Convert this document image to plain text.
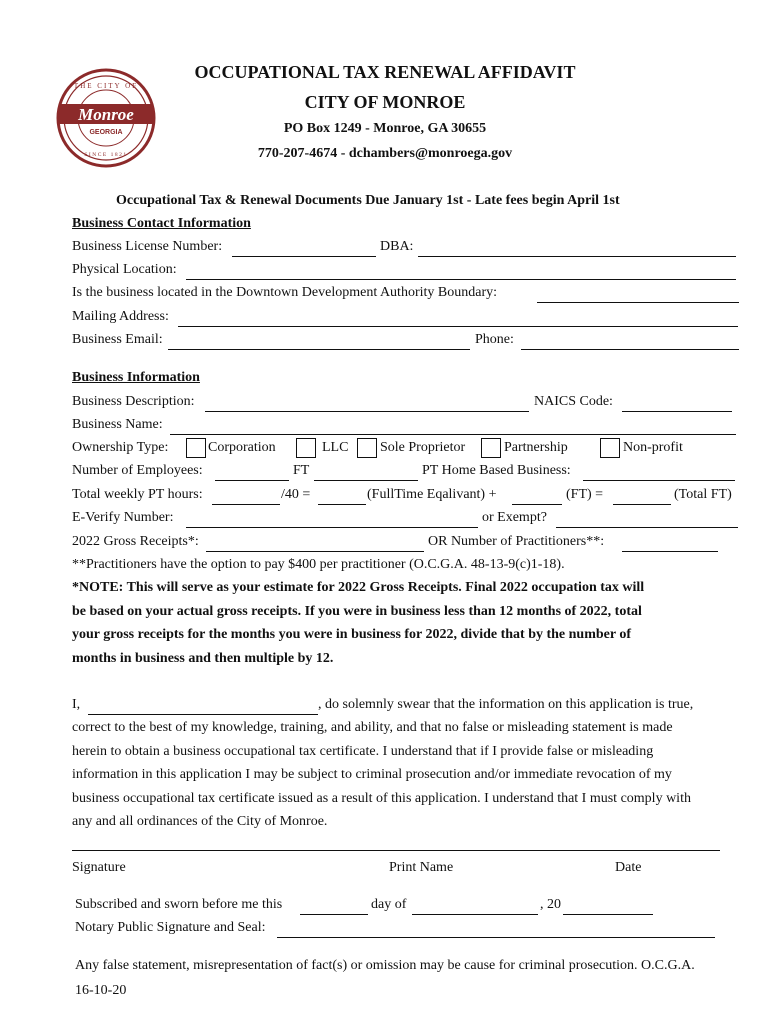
THE CITY OF
Monroe
GEORGIA
SINCE 1821
OCCUPATIONAL TAX RENEWAL AFFIDAVIT
CITY OF MONROE
PO Box 1249 - Monroe, GA 30655
770-207-4674 - dchambers@monroega.gov
Occupational Tax & Renewal Documents Due January 1st - Late fees begin April 1st
Business Contact Information
Business License Number:	DBA:
Physical Location:
Is the business located in the Downtown Development Authority Boundary:
Mailing Address:
Business Email:	Phone:
Business Information
Business Description:	NAICS Code:
Business Name:
Ownership Type:	Corporation	LLC Sole Proprietor	Partnership	Non-profit
Number of Employees:	FT	PT Home Based Business:
Total weekly PT hours:	/40 =	(FullTime Eqalivant) +	(FT) =	(Total FT)
E-Verify Number:	or Exempt?
2022 Gross Receipts*:	OR Number of Practitioners**:
**Practitioners have the option to pay $400 per practitioner (O.C.G.A. 48-13-9(c)1-18).
*NOTE: This will serve as your estimate for 2022 Gross Receipts. Final 2022 occupation tax will
be based on your actual gross receipts. If you were in business less than 12 months of 2022, total
your gross receipts for the months you were in business for 2022, divide that by the number of
months in business and then multiple by 12.
I,	, do solemnly swear that the information on this application is true,
correct to the best of my knowledge, training, and ability, and that no false or misleading statement is made
herein to obtain a business occupational tax certificate. I understand that if I provide false or misleading
information in this application I may be subject to criminal prosecution and/or immediate revocation of my
business occupational tax certificate issued as a result of this application. I understand that I must comply with
any and all ordinances of the City of Monroe.
Signature	Print Name	Date
Subscribed and sworn before me this	day of	, 20
Notary Public Signature and Seal:
Any false statement, misrepresentation of fact(s) or omission may be cause for criminal prosecution. O.C.G.A.
16-10-20
